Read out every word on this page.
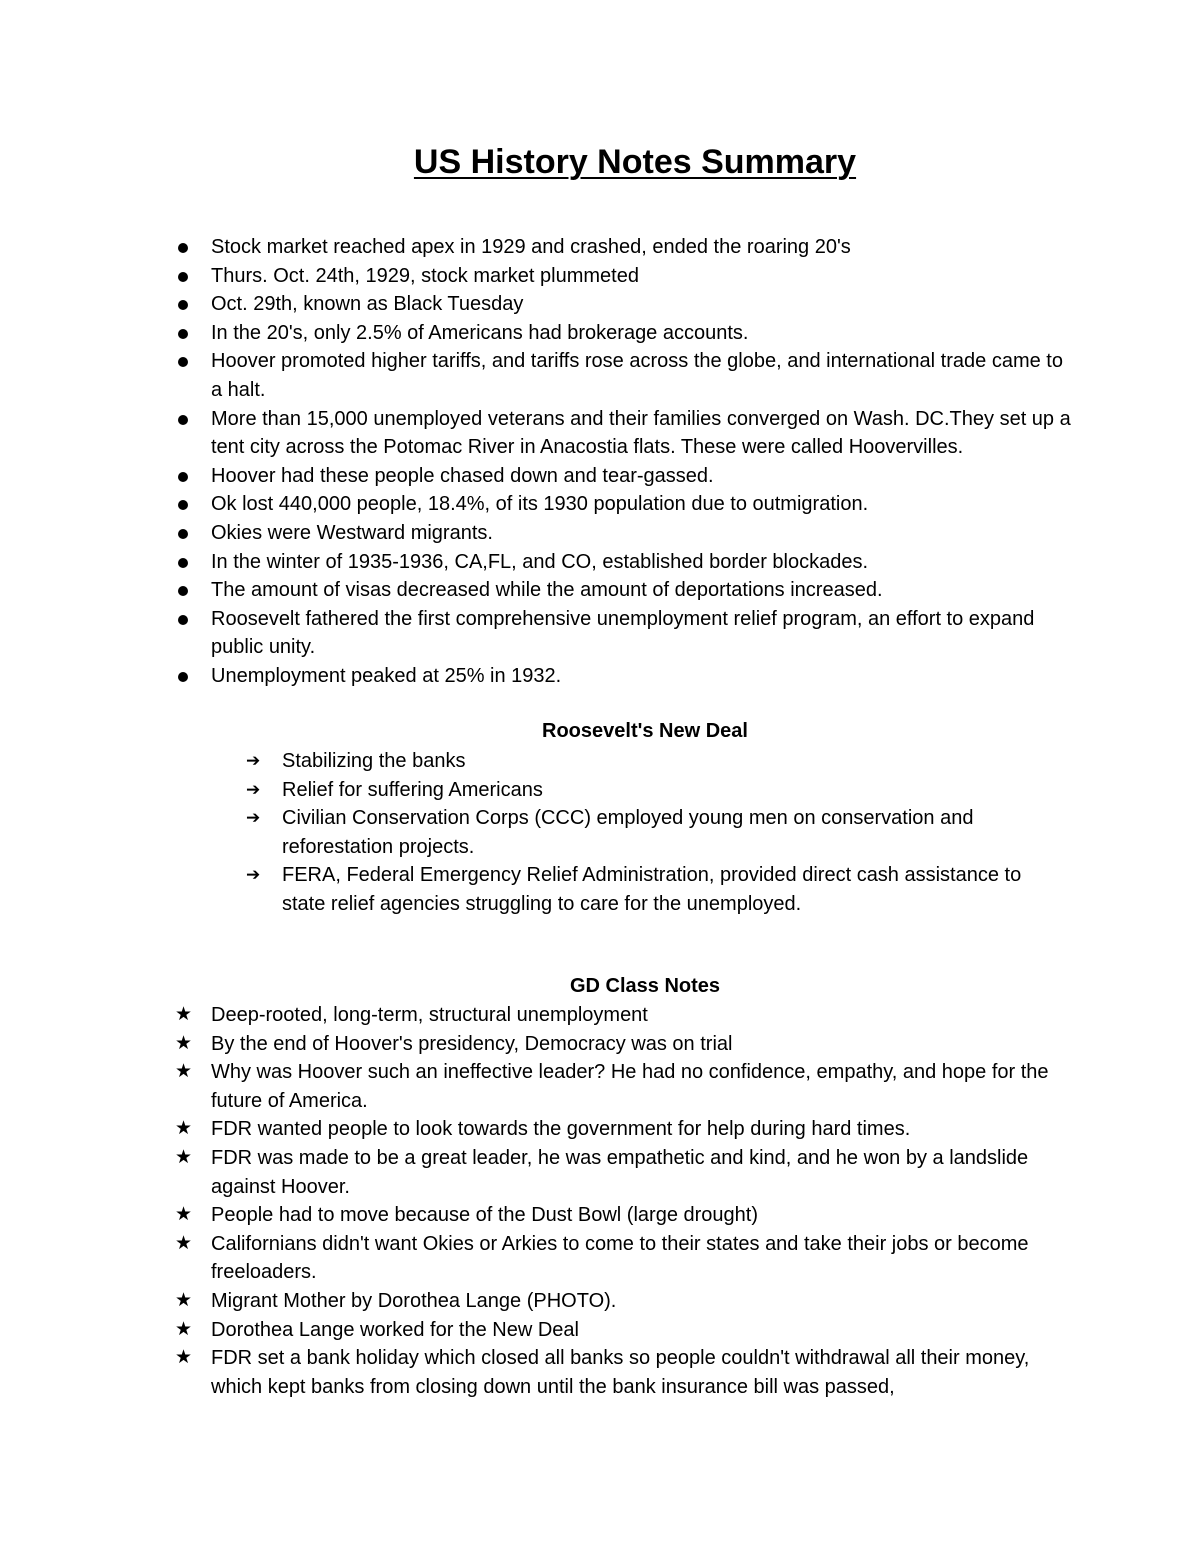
US History Notes Summary
Stock market reached apex in 1929 and crashed, ended the roaring 20's
Thurs. Oct. 24th, 1929, stock market plummeted
Oct. 29th, known as Black Tuesday
In the 20's, only 2.5% of Americans had brokerage accounts.
Hoover promoted higher tariffs, and tariffs rose across the globe, and international trade came to a halt.
More than 15,000 unemployed veterans and their families converged on Wash. DC.They set up a tent city across the Potomac River in Anacostia flats. These were called Hoovervilles.
Hoover had these people chased down and tear-gassed.
Ok lost 440,000 people, 18.4%, of its 1930 population due to outmigration.
Okies were Westward migrants.
In the winter of 1935-1936, CA,FL, and CO, established border blockades.
The amount of visas decreased while the amount of deportations increased.
Roosevelt fathered the first comprehensive unemployment relief program, an effort to expand public unity.
Unemployment peaked at 25% in 1932.
Roosevelt's New Deal
➔ Stabilizing the banks
➔ Relief for suffering Americans
➔ Civilian Conservation Corps (CCC) employed young men on conservation and reforestation projects.
➔ FERA, Federal Emergency Relief Administration, provided direct cash assistance to state relief agencies struggling to care for the unemployed.
GD Class Notes
★ Deep-rooted, long-term, structural unemployment
★ By the end of Hoover's presidency, Democracy was on trial
★ Why was Hoover such an ineffective leader? He had no confidence, empathy, and hope for the future of America.
★ FDR wanted people to look towards the government for help during hard times.
★ FDR was made to be a great leader, he was empathetic and kind, and he won by a landslide against Hoover.
★ People had to move because of the Dust Bowl (large drought)
★ Californians didn't want Okies or Arkies to come to their states and take their jobs or become freeloaders.
★ Migrant Mother by Dorothea Lange (PHOTO).
★ Dorothea Lange worked for the New Deal
★ FDR set a bank holiday which closed all banks so people couldn't withdrawal all their money, which kept banks from closing down until the bank insurance bill was passed,
